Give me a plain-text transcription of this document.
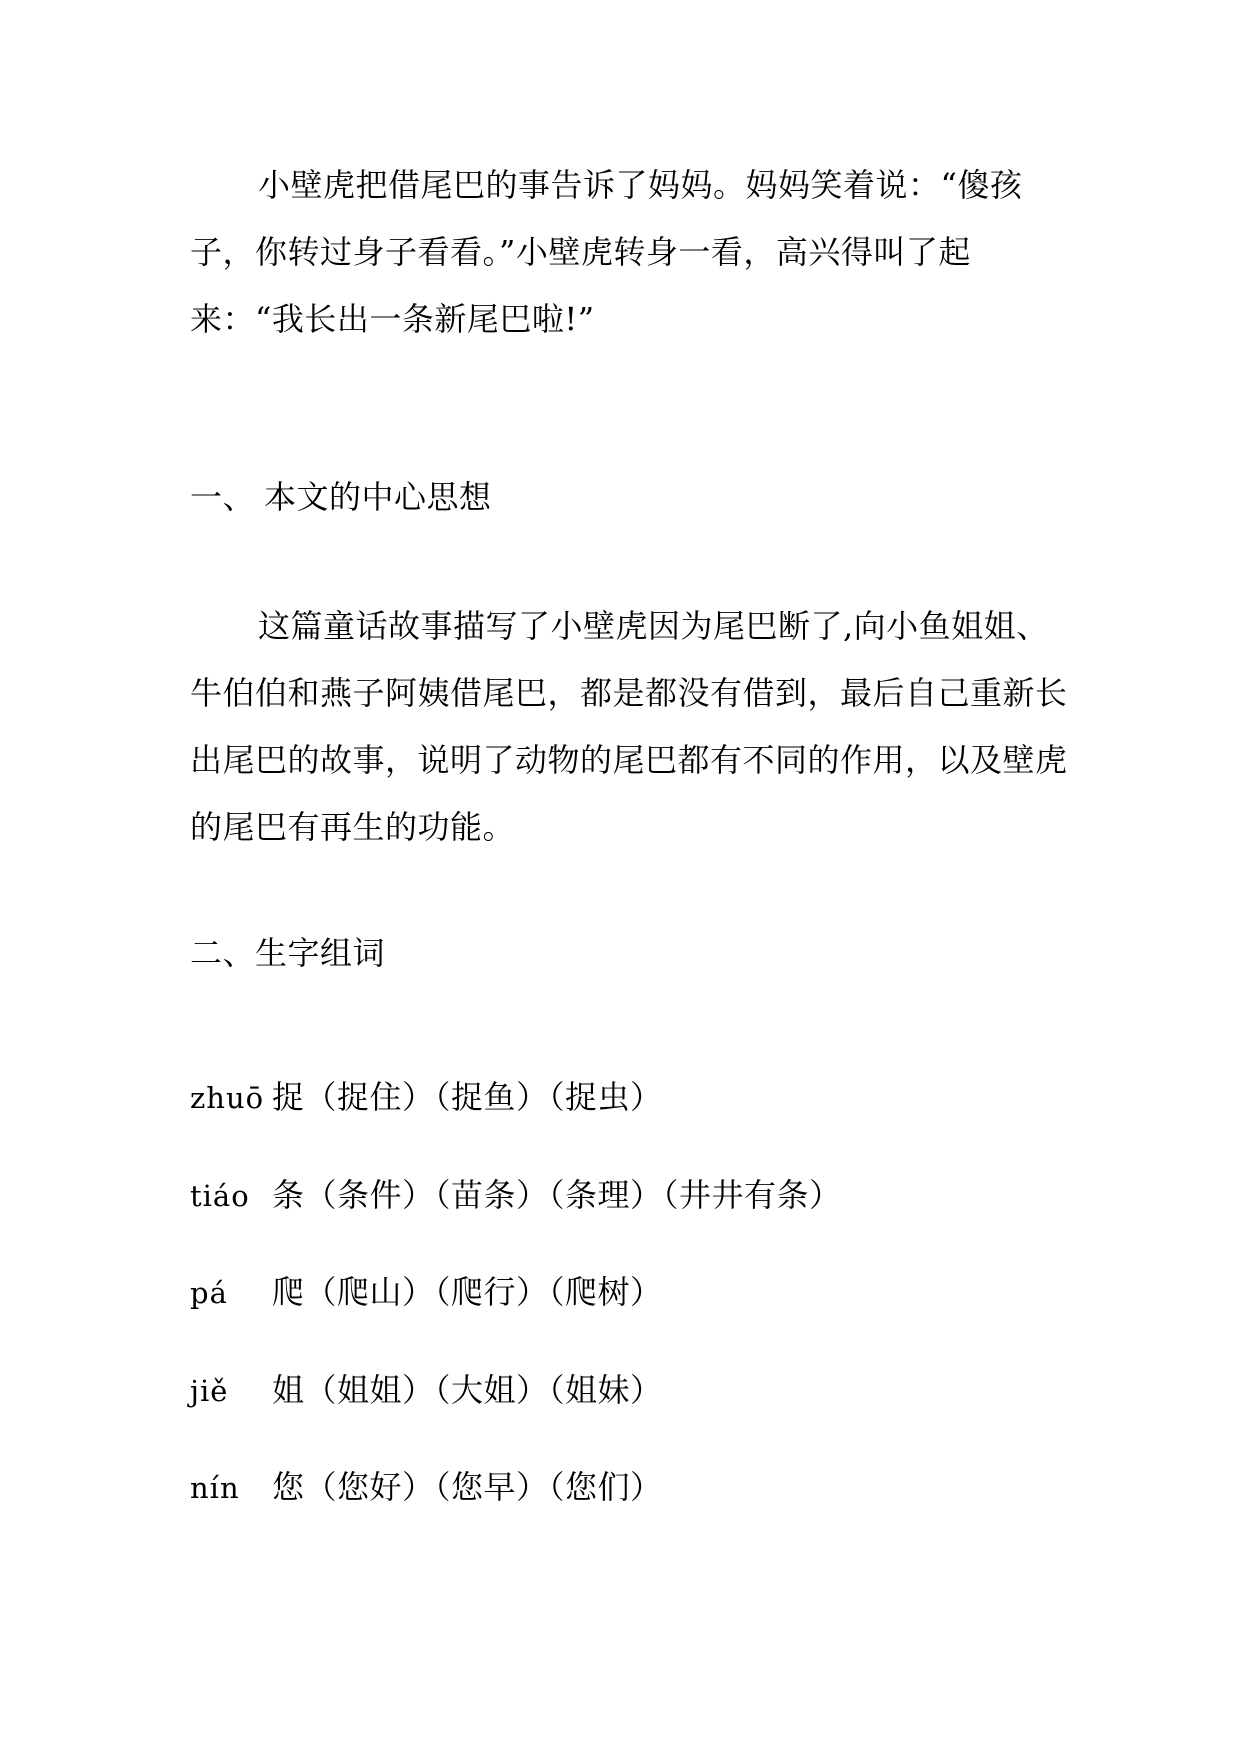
小壁虎把借尾巴的事告诉了妈妈。妈妈笑着说：“傻孩子，你转过身子看看。”小壁虎转身一看，高兴得叫了起来：“我长出一条新尾巴啦!”

一、 本文的中心思想

这篇童话故事描写了小壁虎因为尾巴断了,向小鱼姐姐、牛伯伯和燕子阿姨借尾巴，都是都没有借到，最后自己重新长出尾巴的故事，说明了动物的尾巴都有不同的作用，以及壁虎的尾巴有再生的功能。

二、生字组词
zhuō 捉（捉住）（捉鱼）（捉虫）
tiáo 条（条件）（苗条）（条理）（井井有条）
pá 爬（爬山）（爬行）（爬树）
jiě 姐（姐姐）（大姐）（姐妹）
nín 您（您好）（您早）（您们）
